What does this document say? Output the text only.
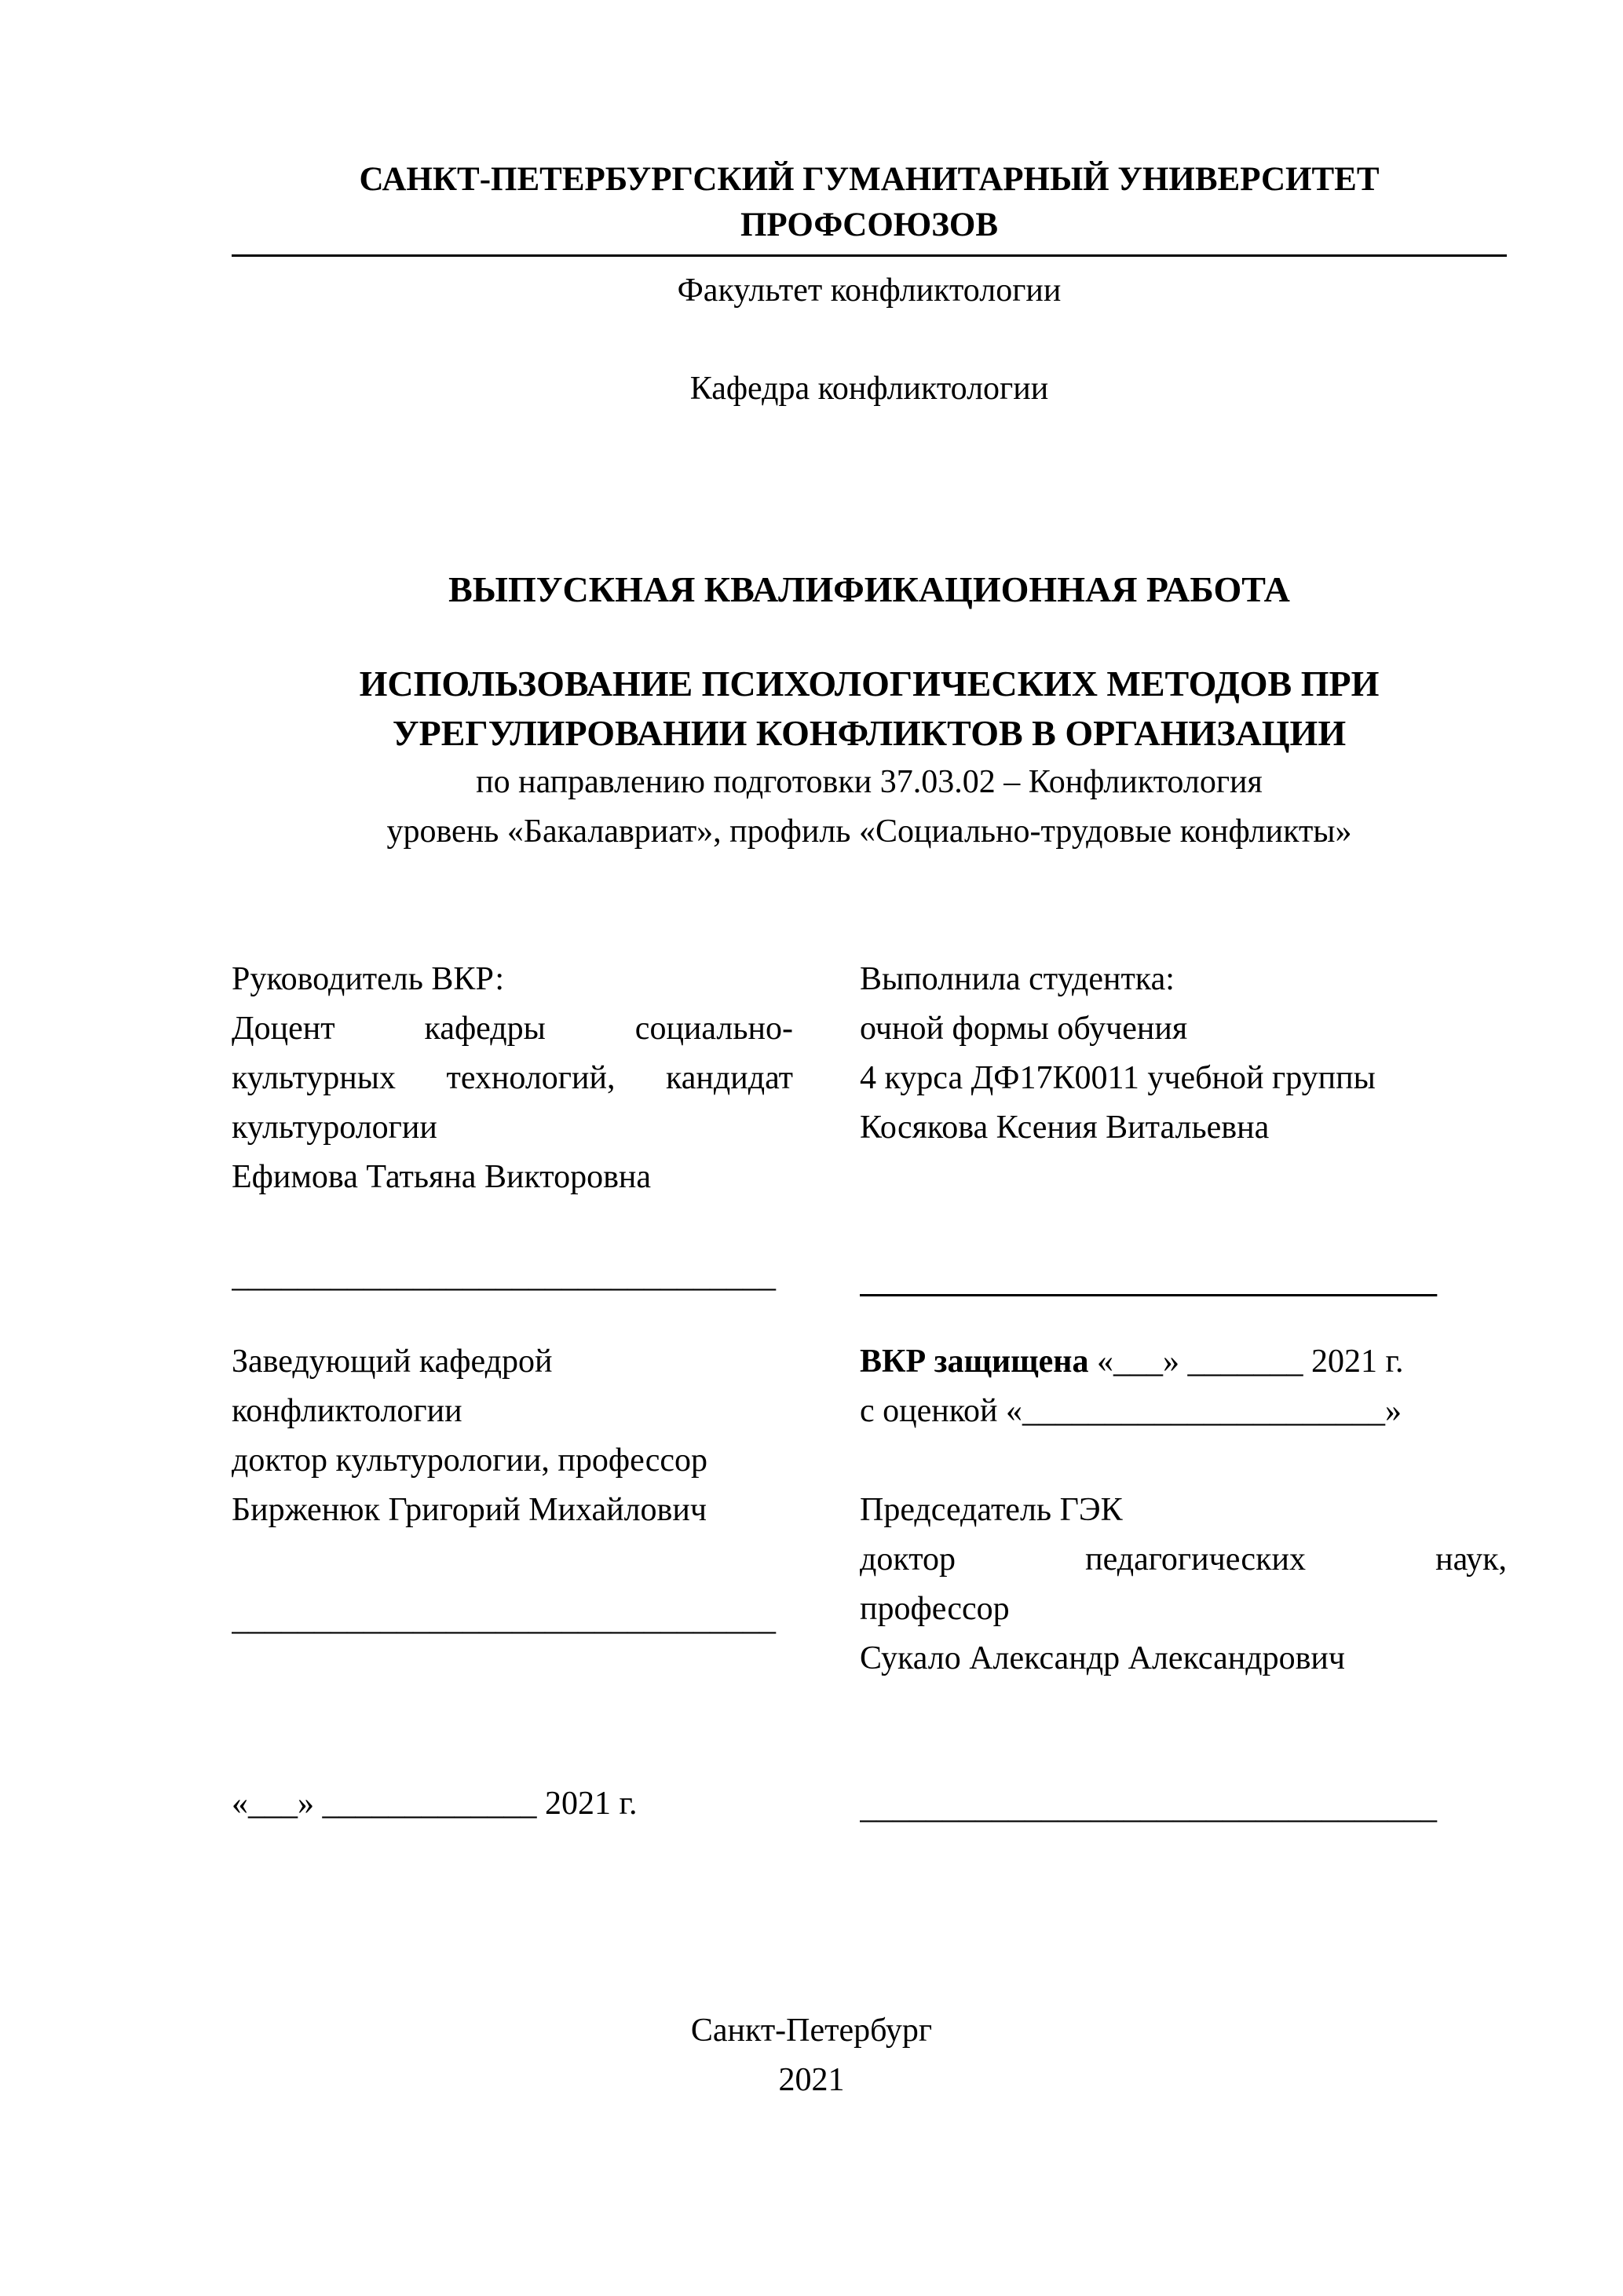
САНКТ-ПЕТЕРБУРГСКИЙ ГУМАНИТАРНЫЙ УНИВЕРСИТЕТ ПРОФСОЮЗОВ
Факультет конфликтологии
Кафедра конфликтологии
ВЫПУСКНАЯ КВАЛИФИКАЦИОННАЯ РАБОТА
ИСПОЛЬЗОВАНИЕ ПСИХОЛОГИЧЕСКИХ МЕТОДОВ ПРИ
УРЕГУЛИРОВАНИИ КОНФЛИКТОВ В ОРГАНИЗАЦИИ
по направлению подготовки 37.03.02 – Конфликтология
уровень «Бакалавриат», профиль «Социально-трудовые конфликты»
Руководитель ВКР:
Доцент кафедры социально-
культурных технологий, кандидат
культурологии
Ефимова Татьяна Викторовна
_________________________________
Заведующий кафедрой
конфликтологии
доктор культурологии, профессор
Бирженюк Григорий Михайлович
_________________________________
«___» _____________ 2021 г.
Выполнила студентка:
очной формы обучения
4 курса ДФ17К0011 учебной группы
Косякова Ксения Витальевна
___________________________________
ВКР защищена «___» _______ 2021 г.
с оценкой «______________________»
Председатель ГЭК
доктор педагогических наук,
профессор
Сукало Александр Александрович
___________________________________
Санкт-Петербург
2021
